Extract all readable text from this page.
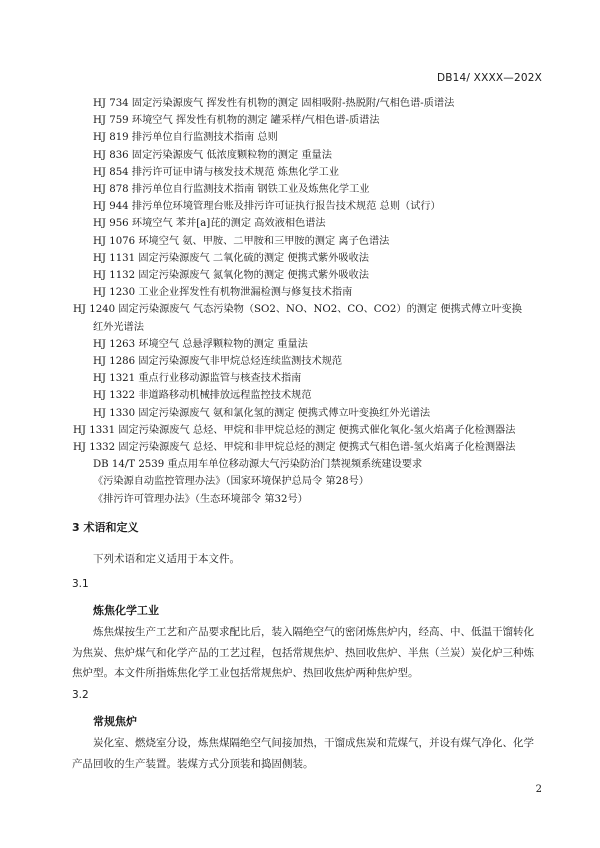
DB14/ XXXX—202X
HJ 734 固定污染源废气 挥发性有机物的测定 固相吸附-热脱附/气相色谱-质谱法
HJ 759 环境空气 挥发性有机物的测定 罐采样/气相色谱-质谱法
HJ 819 排污单位自行监测技术指南 总则
HJ 836 固定污染源废气 低浓度颗粒物的测定 重量法
HJ 854 排污许可证申请与核发技术规范 炼焦化学工业
HJ 878 排污单位自行监测技术指南 钢铁工业及炼焦化学工业
HJ 944 排污单位环境管理台账及排污许可证执行报告技术规范 总则（试行）
HJ 956 环境空气 苯并[a]芘的测定 高效液相色谱法
HJ 1076 环境空气 氨、甲胺、二甲胺和三甲胺的测定 离子色谱法
HJ 1131 固定污染源废气 二氧化硫的测定 便携式紫外吸收法
HJ 1132 固定污染源废气 氮氧化物的测定 便携式紫外吸收法
HJ 1230 工业企业挥发性有机物泄漏检测与修复技术指南
HJ 1240 固定污染源废气 气态污染物（SO2、NO、NO2、CO、CO2）的测定 便携式傅立叶变换红外光谱法
HJ 1263 环境空气 总悬浮颗粒物的测定 重量法
HJ 1286 固定污染源废气非甲烷总烃连续监测技术规范
HJ 1321 重点行业移动源监管与核查技术指南
HJ 1322 非道路移动机械排放远程监控技术规范
HJ 1330 固定污染源废气 氨和氯化氢的测定 便携式傅立叶变换红外光谱法
HJ 1331 固定污染源废气 总烃、甲烷和非甲烷总烃的测定 便携式催化氧化-氢火焰离子化检测器法
HJ 1332 固定污染源废气 总烃、甲烷和非甲烷总烃的测定 便携式气相色谱-氢火焰离子化检测器法
DB 14/T 2539 重点用车单位移动源大气污染防治门禁视频系统建设要求
《污染源自动监控管理办法》（国家环境保护总局令 第28号）
《排污许可管理办法》（生态环境部令 第32号）
3 术语和定义
下列术语和定义适用于本文件。
3.1
炼焦化学工业
炼焦煤按生产工艺和产品要求配比后，装入隔绝空气的密闭炼焦炉内，经高、中、低温干馏转化为焦炭、焦炉煤气和化学产品的工艺过程，包括常规焦炉、热回收焦炉、半焦（兰炭）炭化炉三种炼焦炉型。本文件所指炼焦化学工业包括常规焦炉、热回收焦炉两种焦炉型。
3.2
常规焦炉
炭化室、燃烧室分设，炼焦煤隔绝空气间接加热，干馏成焦炭和荒煤气，并设有煤气净化、化学产品回收的生产装置。装煤方式分顶装和捣固侧装。
2
